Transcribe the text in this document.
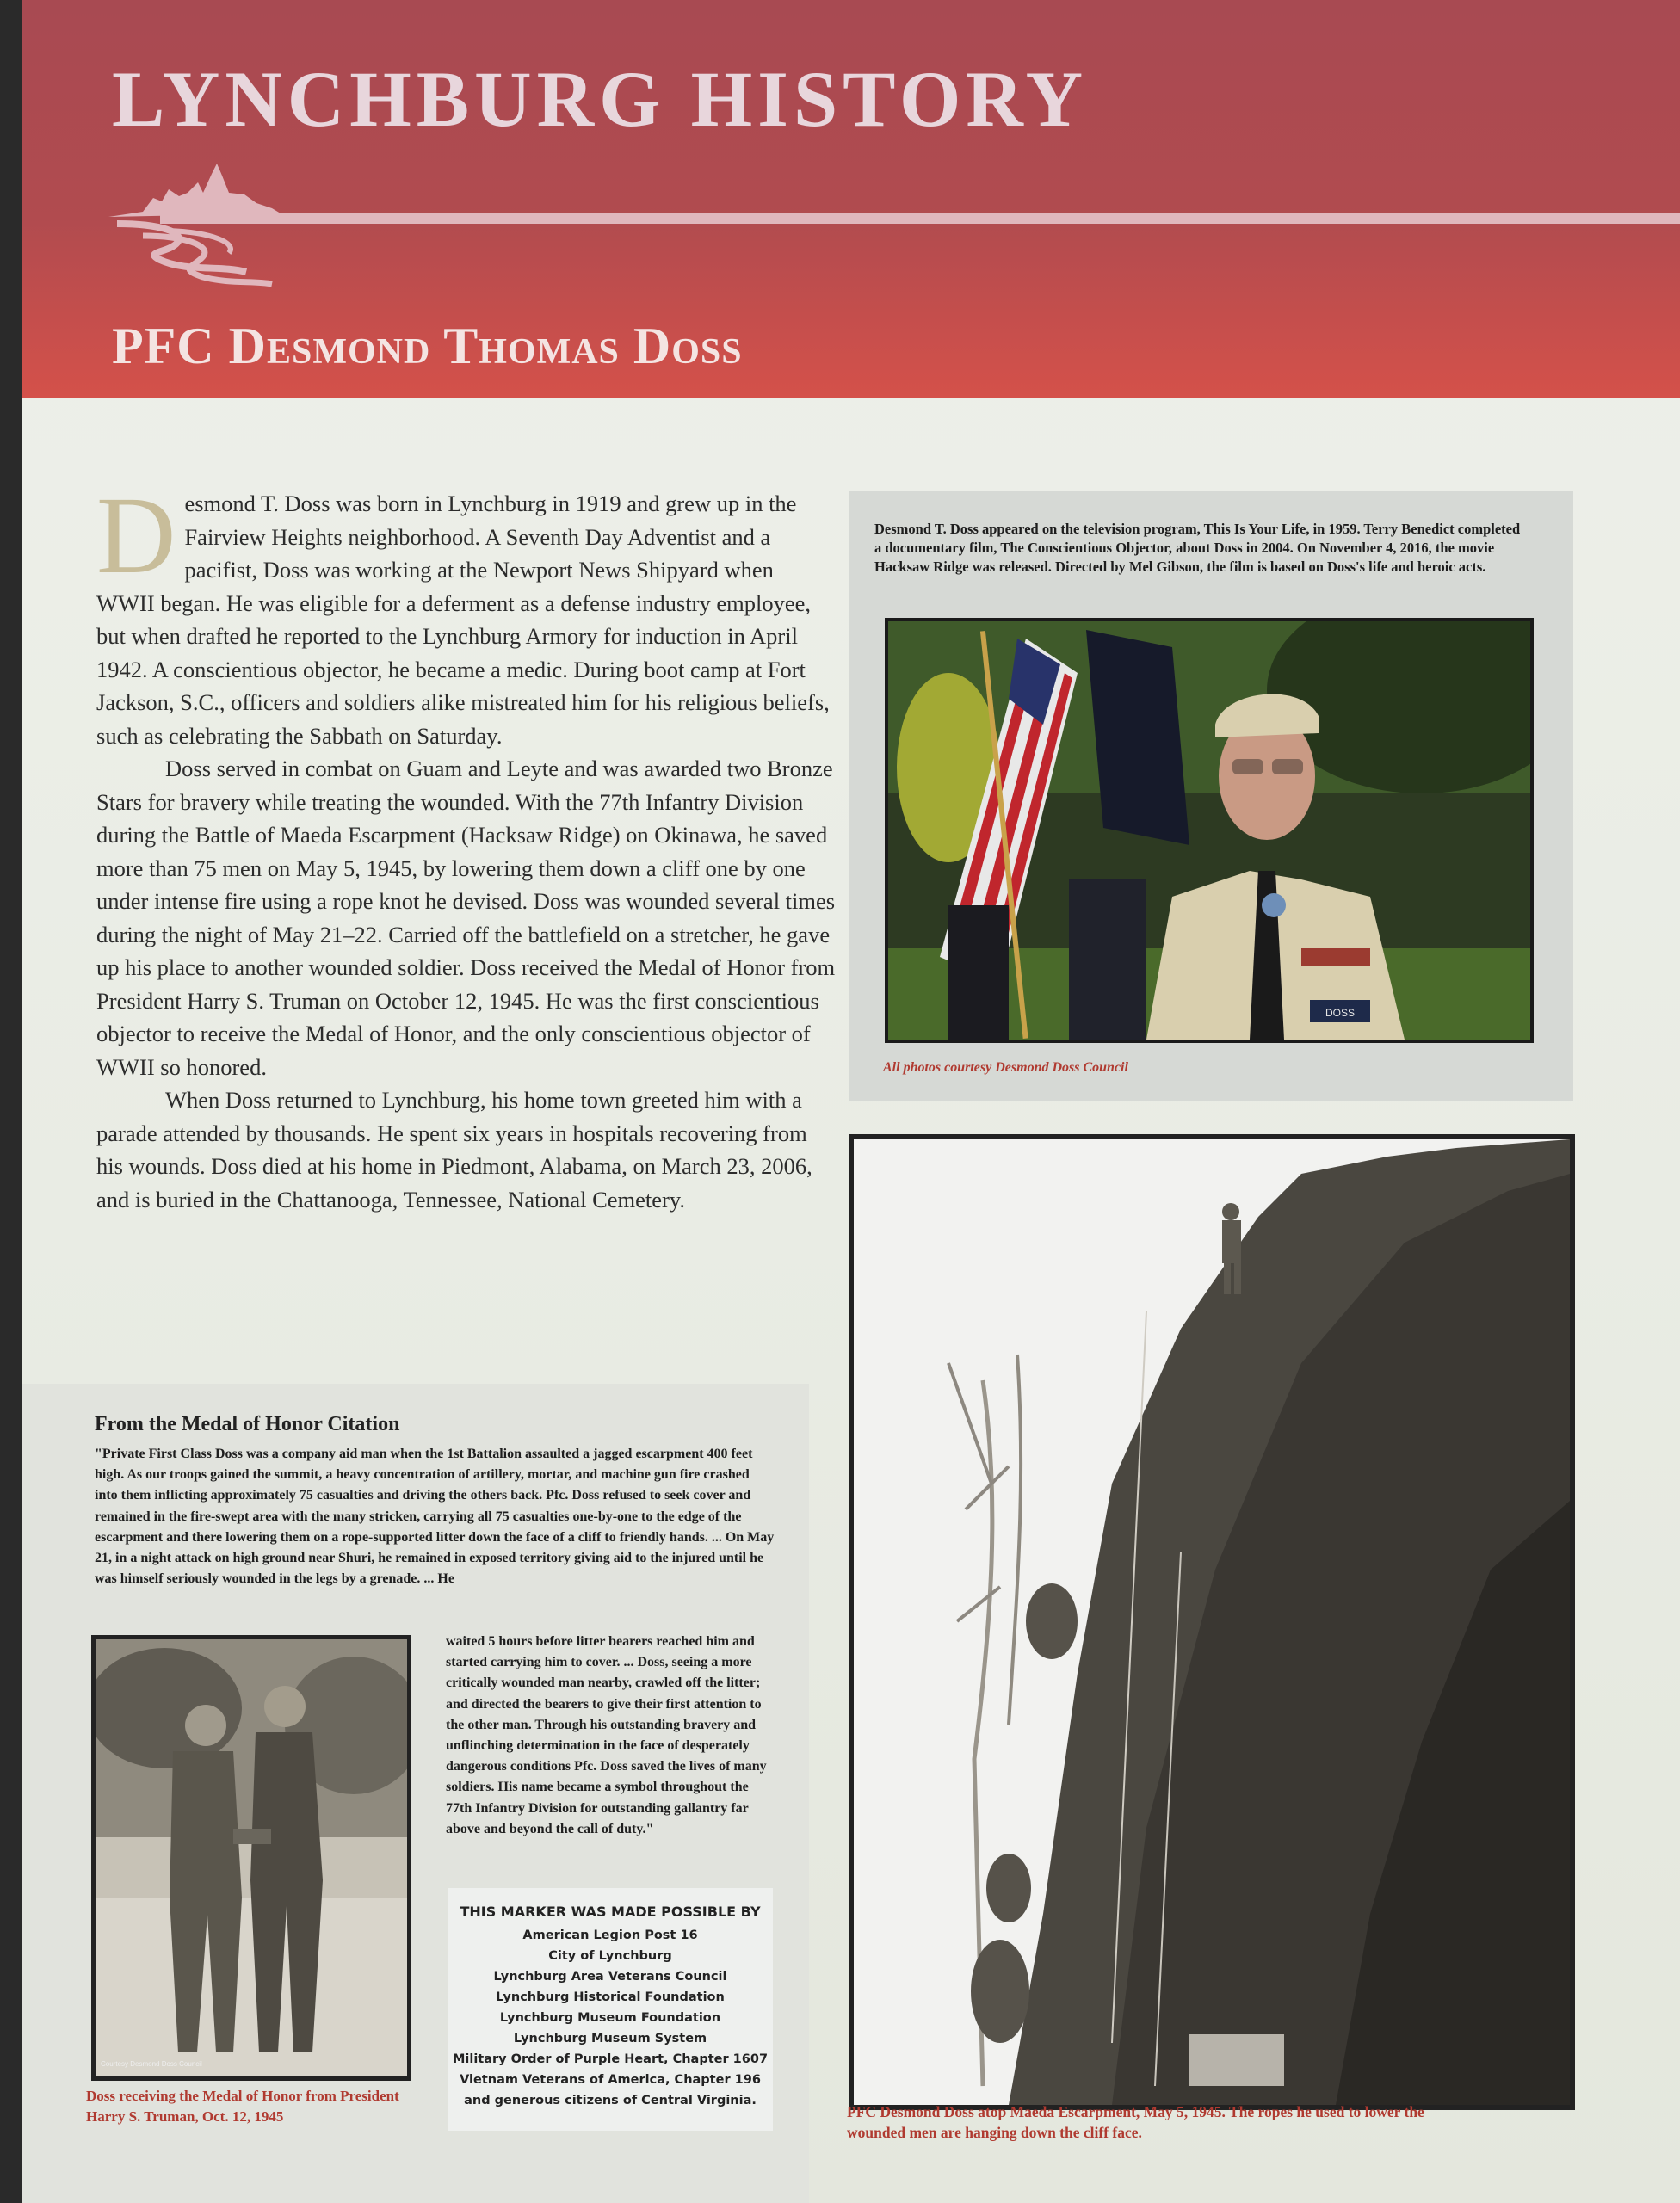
LYNCHBURG HISTORY
PFC Desmond Thomas Doss

Desmond T. Doss was born in Lynchburg in 1919 and grew up in the Fairview Heights neighborhood. A Seventh Day Adventist and a pacifist, Doss was working at the Newport News Shipyard when WWII began. He was eligible for a deferment as a defense industry employee, but when drafted he reported to the Lynchburg Armory for induction in April 1942. A conscientious objector, he became a medic. During boot camp at Fort Jackson, S.C., officers and soldiers alike mistreated him for his religious beliefs, such as celebrating the Sabbath on Saturday.

Doss served in combat on Guam and Leyte and was awarded two Bronze Stars for bravery while treating the wounded. With the 77th Infantry Division during the Battle of Maeda Escarpment (Hacksaw Ridge) on Okinawa, he saved more than 75 men on May 5, 1945, by lowering them down a cliff one by one under intense fire using a rope knot he devised. Doss was wounded several times during the night of May 21–22. Carried off the battlefield on a stretcher, he gave up his place to another wounded soldier. Doss received the Medal of Honor from President Harry S. Truman on October 12, 1945. He was the first conscientious objector to receive the Medal of Honor, and the only conscientious objector of WWII so honored.

When Doss returned to Lynchburg, his home town greeted him with a parade attended by thousands. He spent six years in hospitals recovering from his wounds. Doss died at his home in Piedmont, Alabama, on March 23, 2006, and is buried in the Chattanooga, Tennessee, National Cemetery.

Desmond T. Doss appeared on the television program, This Is Your Life, in 1959. Terry Benedict completed a documentary film, The Conscientious Objector, about Doss in 2004. On November 4, 2016, the movie Hacksaw Ridge was released. Directed by Mel Gibson, the film is based on Doss's life and heroic acts.
DOSS
All photos courtesy Desmond Doss Council
PFC Desmond Doss atop Maeda Escarpment, May 5, 1945. The ropes he used to lower the wounded men are hanging down the cliff face.
From the Medal of Honor Citation
"Private First Class Doss was a company aid man when the 1st Battalion assaulted a jagged escarpment 400 feet high. As our troops gained the summit, a heavy concentration of artillery, mortar, and machine gun fire crashed into them inflicting approximately 75 casualties and driving the others back. Pfc. Doss refused to seek cover and remained in the fire-swept area with the many stricken, carrying all 75 casualties one-by-one to the edge of the escarpment and there lowering them on a rope-supported litter down the face of a cliff to friendly hands. ... On May 21, in a night attack on high ground near Shuri, he remained in exposed territory giving aid to the injured until he was himself seriously wounded in the legs by a grenade. ... He
Courtesy Desmond Doss Council
waited 5 hours before litter bearers reached him and started carrying him to cover. ... Doss, seeing a more critically wounded man nearby, crawled off the litter; and directed the bearers to give their first attention to the other man. Through his outstanding bravery and unflinching determination in the face of desperately dangerous conditions Pfc. Doss saved the lives of many soldiers. His name became a symbol throughout the 77th Infantry Division for outstanding gallantry far above and beyond the call of duty."
Doss receiving the Medal of Honor from President Harry S. Truman, Oct. 12, 1945
THIS MARKER WAS MADE POSSIBLE BY
American Legion Post 16
City of Lynchburg
Lynchburg Area Veterans Council
Lynchburg Historical Foundation
Lynchburg Museum Foundation
Lynchburg Museum System
Military Order of Purple Heart, Chapter 1607
Vietnam Veterans of America, Chapter 196
and generous citizens of Central Virginia.
